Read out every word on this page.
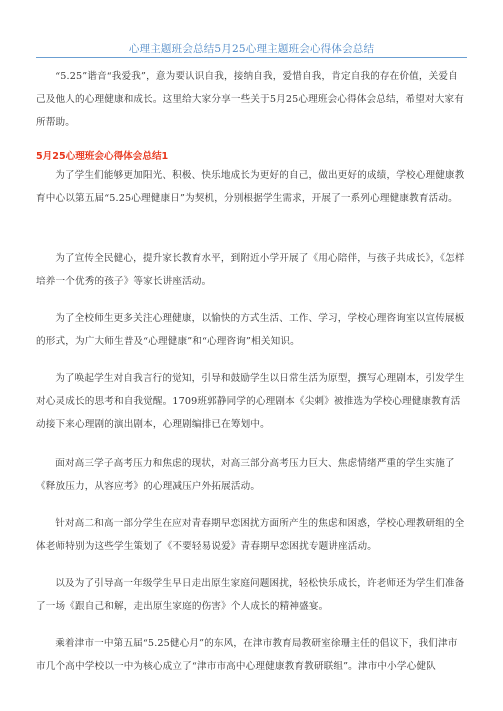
心理主题班会总结5月25心理主题班会心得体会总结

“5.25”谐音“我爱我”，意为要认识自我，接纳自我，爱惜自我，肯定自我的存在价值，关爱自己及他人的心理健康和成长。这里给大家分享一些关于5月25心理班会心得体会总结，希望对大家有所帮助。

5月25心理班会心得体会总结1

为了学生们能够更加阳光、积极、快乐地成长为更好的自己，做出更好的成绩，学校心理健康教育中心以第五届“5.25心理健康日”为契机，分别根据学生需求，开展了一系列心理健康教育活动。

为了宣传全民健心，提升家长教育水平，到附近小学开展了《用心陪伴，与孩子共成长》，《怎样培养一个优秀的孩子》等家长讲座活动。

为了全校师生更多关注心理健康，以愉快的方式生活、工作、学习，学校心理咨询室以宣传展板的形式，为广大师生普及“心理健康”和“心理咨询”相关知识。

为了唤起学生对自我言行的觉知，引导和鼓励学生以日常生活为原型，撰写心理剧本，引发学生对心灵成长的思考和自我觉醒。1709班郭静同学的心理剧本《尖刺》被推选为学校心理健康教育活动接下来心理剧的演出剧本，心理剧编排已在筹划中。

面对高三学子高考压力和焦虑的现状，对高三部分高考压力巨大、焦虑情绪严重的学生实施了《释放压力，从容应考》的心理减压户外拓展活动。

针对高二和高一部分学生在应对青春期早恋困扰方面所产生的焦虑和困惑，学校心理教研组的全体老师特别为这些学生策划了《不要轻易说爱》青春期早恋困扰专题讲座活动。

以及为了引导高一年级学生早日走出原生家庭问题困扰，轻松快乐成长，许老师还为学生们准备了一场《跟自己和解，走出原生家庭的伤害》个人成长的精神盛宴。

乘着津市一中第五届“5.25健心月”的东风，在津市教育局教研室徐珊主任的倡议下，我们津市市几个高中学校以一中为核心成立了“津市市高中心理健康教育教研联组”。津市中小学心健队
